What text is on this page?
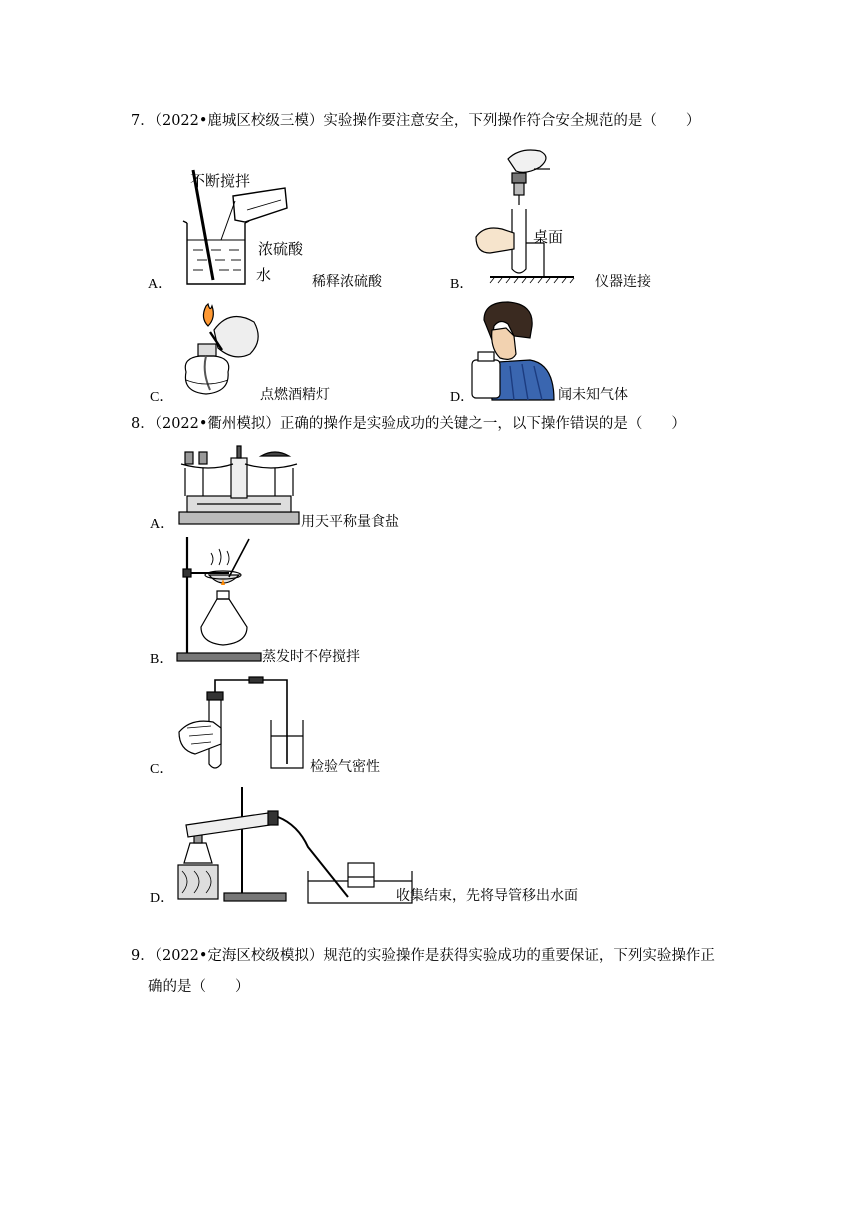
7．（2022•鹿城区校级三模）实验操作要注意安全，下列操作符合安全规范的是（　　）
不断搅拌
浓硫酸
水
A．	稀释浓硫酸
桌面
B．	仪器连接
C．	点燃酒精灯	D．	闻未知气体
8．（2022•衢州模拟）正确的操作是实验成功的关键之一，以下操作错误的是（　　）
A．	用天平称量食盐
B．	蒸发时不停搅拌
C．	检验气密性
D．	收集结束，先将导管移出水面
9．（2022•定海区校级模拟）规范的实验操作是获得实验成功的重要保证，下列实验操作正
确的是（　　）
